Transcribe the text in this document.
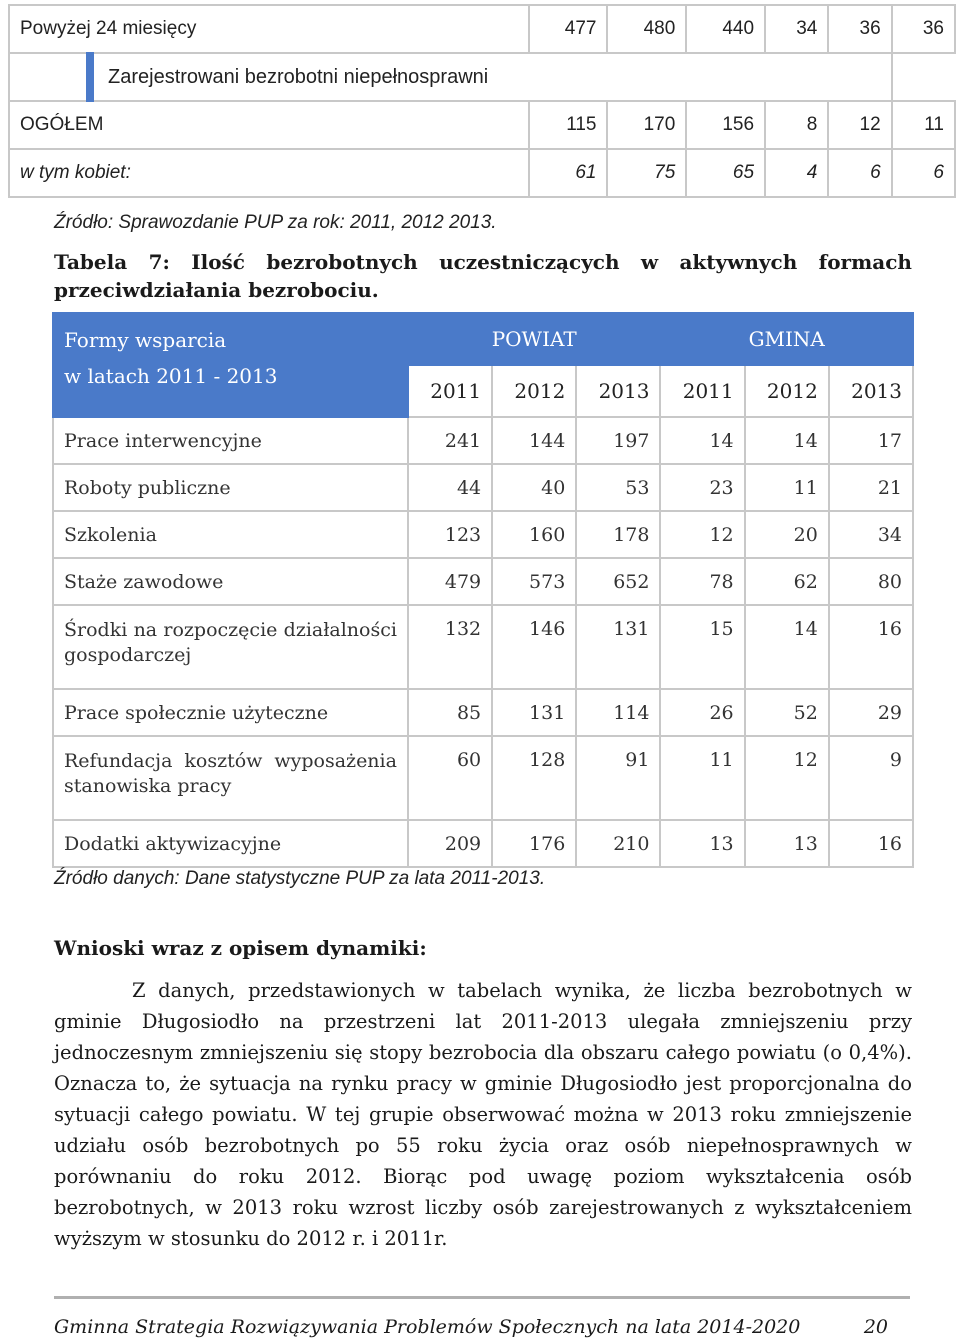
Powyżej 24 miesięcy		477	480	440	34	36	36
	Zarejestrowani bezrobotni niepełnosprawni						
OGÓŁEM		115	170	156	8	12	11
w tym kobiet:		61	75	65	4	6	6
Źródło: Sprawozdanie PUP za rok: 2011, 2012 2013.
Tabela 7: Ilość bezrobotnych uczestniczących w aktywnych formach
przeciwdziałania bezrobociu.
Formy wsparcia
w latach 2011 - 2013	POWIAT			GMINA		
	2011	2012	2013	2011	2012	2013
Prace interwencyjne	241	144	197	14	14	17
Roboty publiczne	44	40	53	23	11	21
Szkolenia	123	160	178	12	20	34
Staże zawodowe	479	573	652	78	62	80

Środki na rozpoczęcie działalności gospodarczej	132	146	131	15	14	16
Prace społecznie użyteczne	85	131	114	26	52	29

Refundacja kosztów wyposażenia stanowiska pracy	60	128	91	11	12	9
Dodatki aktywizacyjne	209	176	210	13	13	16
Źródło danych: Dane statystyczne PUP za lata 2011-2013.
Wnioski wraz z opisem dynamiki:
Z danych, przedstawionych w tabelach wynika, że liczba bezrobotnych w gminie Długosiodło na przestrzeni lat 2011-2013 ulegała zmniejszeniu przy jednoczesnym zmniejszeniu się stopy bezrobocia dla obszaru całego powiatu (o 0,4%). Oznacza to, że sytuacja na rynku pracy w gminie Długosiodło jest proporcjonalna do sytuacji całego powiatu. W tej grupie obserwować można w 2013 roku zmniejszenie udziału osób bezrobotnych po 55 roku życia oraz osób niepełnosprawnych w porównaniu do roku 2012. Biorąc pod uwagę poziom wykształcenia osób bezrobotnych, w 2013 roku wzrost liczby osób zarejestrowanych z wykształceniem wyższym w stosunku do 2012 r. i 2011r.
Gminna Strategia Rozwiązywania Problemów Społecznych na lata 2014-2020	20
